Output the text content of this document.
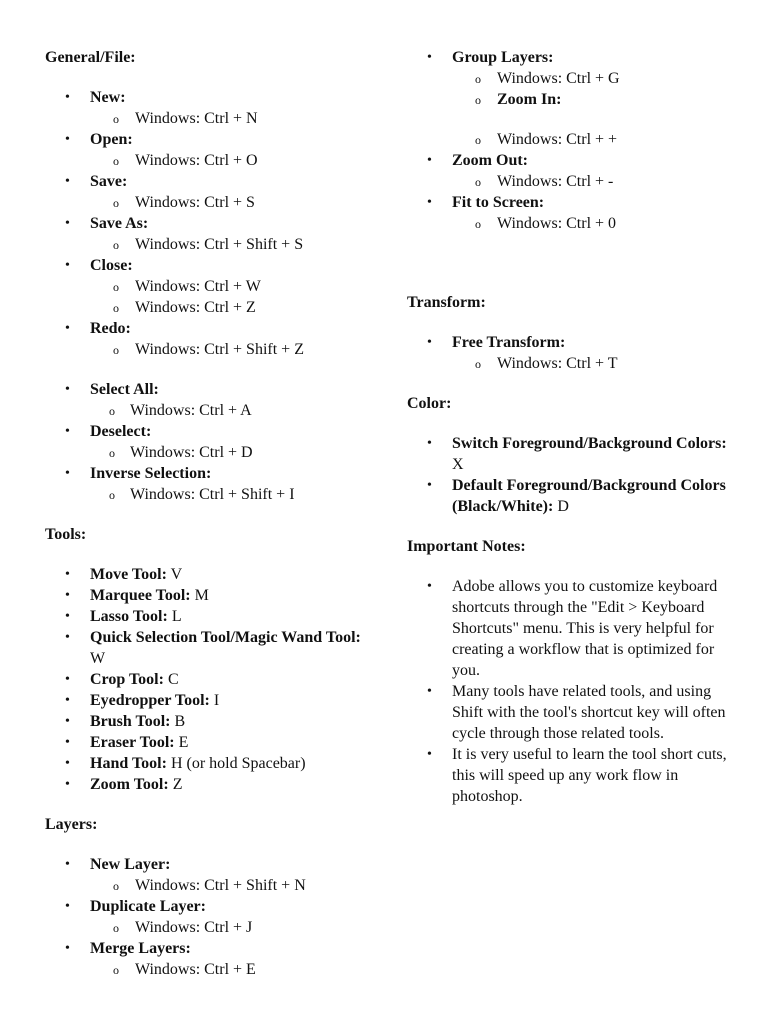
General/File:

• New:
o Windows: Ctrl + N
• Open:
o Windows: Ctrl + O
• Save:
o Windows: Ctrl + S
• Save As:
o Windows: Ctrl + Shift + S
• Close:
o Windows: Ctrl + W
o Windows: Ctrl + Z
• Redo:
o Windows: Ctrl + Shift + Z
• Select All:
o Windows: Ctrl + A
• Deselect:
o Windows: Ctrl + D
• Inverse Selection:
o Windows: Ctrl + Shift + I

Tools:

• Move Tool: V
• Marquee Tool: M
• Lasso Tool: L
• Quick Selection Tool/Magic Wand Tool: W
• Crop Tool: C
• Eyedropper Tool: I
• Brush Tool: B
• Eraser Tool: E
• Hand Tool: H (or hold Spacebar)
• Zoom Tool: Z

Layers:

• New Layer:
o Windows: Ctrl + Shift + N
• Duplicate Layer:
o Windows: Ctrl + J
• Merge Layers:
o Windows: Ctrl + E
• Group Layers:
o Windows: Ctrl + G
o Zoom In:
o Windows: Ctrl + +
• Zoom Out:
o Windows: Ctrl + -
• Fit to Screen:
o Windows: Ctrl + 0

Transform:

• Free Transform:
o Windows: Ctrl + T

Color:

• Switch Foreground/Background Colors: X
• Default Foreground/Background Colors (Black/White): D

Important Notes:

• Adobe allows you to customize keyboard shortcuts through the "Edit > Keyboard Shortcuts" menu. This is very helpful for creating a workflow that is optimized for you.
• Many tools have related tools, and using Shift with the tool's shortcut key will often cycle through those related tools.
• It is very useful to learn the tool short cuts, this will speed up any work flow in photoshop.
